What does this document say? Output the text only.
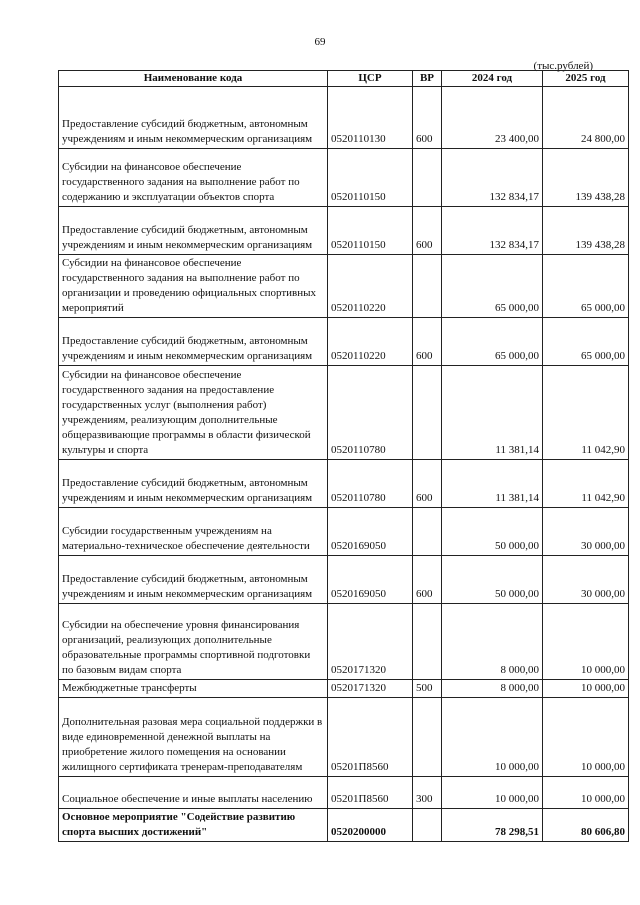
69
(тыс.рублей)
Наименование кода	ЦСР	ВР	2024 год	2025 год
Предоставление субсидий бюджетным, автономным учреждениям и иным некоммерческим организациям	0520110130	600	23 400,00	24 800,00
Субсидии на финансовое обеспечение государственного задания на выполнение работ по содержанию и эксплуатации объектов спорта	0520110150		132 834,17	139 438,28
Предоставление субсидий бюджетным, автономным учреждениям и иным некоммерческим организациям	0520110150	600	132 834,17	139 438,28
Субсидии на финансовое обеспечение государственного задания на выполнение работ по организации и проведению официальных спортивных мероприятий	0520110220		65 000,00	65 000,00
Предоставление субсидий бюджетным, автономным учреждениям и иным некоммерческим организациям	0520110220	600	65 000,00	65 000,00
Субсидии на финансовое обеспечение государственного задания на предоставление государственных услуг (выполнения работ) учреждениям, реализующим дополнительные общеразвивающие программы в области физической культуры и спорта	0520110780		11 381,14	11 042,90
Предоставление субсидий бюджетным, автономным учреждениям и иным некоммерческим организациям	0520110780	600	11 381,14	11 042,90
Субсидии государственным учреждениям на материально-техническое обеспечение деятельности	0520169050		50 000,00	30 000,00
Предоставление субсидий бюджетным, автономным учреждениям и иным некоммерческим организациям	0520169050	600	50 000,00	30 000,00
Субсидии на обеспечение уровня финансирования организаций, реализующих дополнительные образовательные программы спортивной подготовки по базовым видам спорта	0520171320		8 000,00	10 000,00
Межбюджетные трансферты	0520171320	500	8 000,00	10 000,00
Дополнительная разовая мера социальной поддержки в виде единовременной денежной выплаты на приобретение жилого помещения на основании жилищного сертификата тренерам-преподавателям	05201П8560		10 000,00	10 000,00
Социальное обеспечение и иные выплаты населению	05201П8560	300	10 000,00	10 000,00
Основное мероприятие "Содействие развитию спорта высших достижений"	0520200000		78 298,51	80 606,80
